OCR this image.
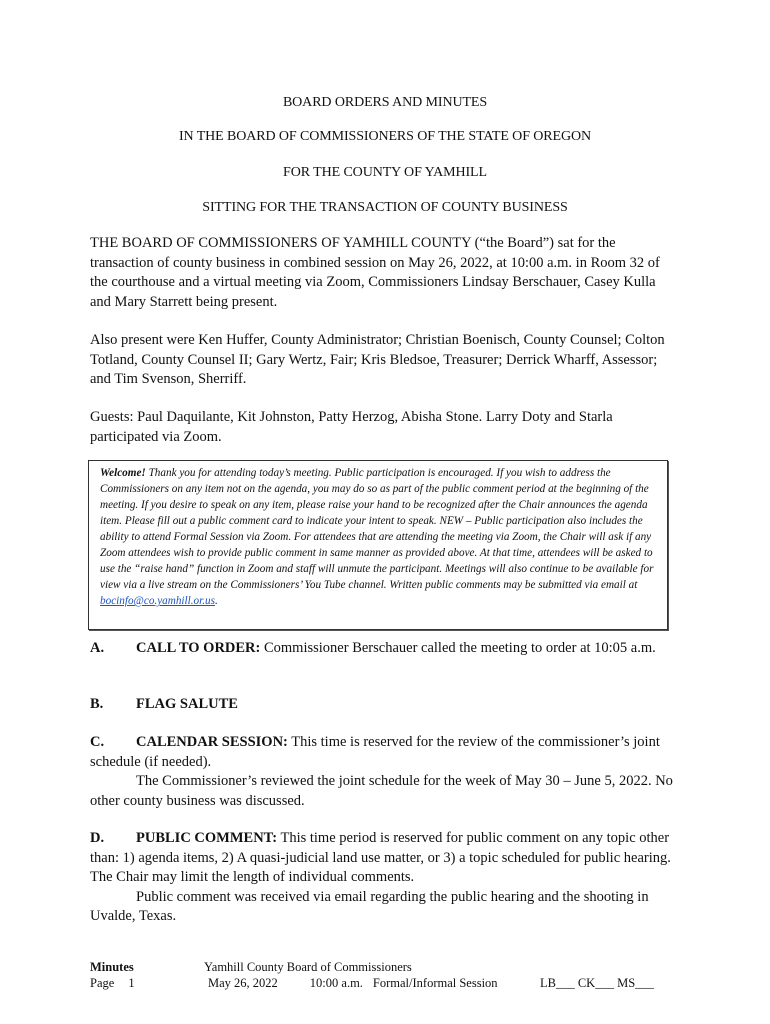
BOARD ORDERS AND MINUTES
IN THE BOARD OF COMMISSIONERS OF THE STATE OF OREGON
FOR THE COUNTY OF YAMHILL
SITTING FOR THE TRANSACTION OF COUNTY BUSINESS
THE BOARD OF COMMISSIONERS OF YAMHILL COUNTY (“the Board”) sat for the transaction of county business in combined session on May 26, 2022, at 10:00 a.m. in Room 32 of the courthouse and a virtual meeting via Zoom, Commissioners Lindsay Berschauer, Casey Kulla and Mary Starrett being present.
Also present were Ken Huffer, County Administrator; Christian Boenisch, County Counsel; Colton Totland, County Counsel II; Gary Wertz, Fair; Kris Bledsoe, Treasurer; Derrick Wharff, Assessor; and Tim Svenson, Sherriff.
Guests: Paul Daquilante, Kit Johnston, Patty Herzog, Abisha Stone. Larry Doty and Starla participated via Zoom.
Welcome! Thank you for attending today’s meeting. Public participation is encouraged. If you wish to address the Commissioners on any item not on the agenda, you may do so as part of the public comment period at the beginning of the meeting. If you desire to speak on any item, please raise your hand to be recognized after the Chair announces the agenda item. Please fill out a public comment card to indicate your intent to speak. NEW – Public participation also includes the ability to attend Formal Session via Zoom. For attendees that are attending the meeting via Zoom, the Chair will ask if any Zoom attendees wish to provide public comment in same manner as provided above. At that time, attendees will be asked to use the “raise hand” function in Zoom and staff will unmute the participant. Meetings will also continue to be available for view via a live stream on the Commissioners’ You Tube channel. Written public comments may be submitted via email at bocinfo@co.yamhill.or.us.
A. CALL TO ORDER: Commissioner Berschauer called the meeting to order at 10:05 a.m.
B. FLAG SALUTE
C. CALENDAR SESSION: This time is reserved for the review of the commissioner’s joint schedule (if needed).
The Commissioner’s reviewed the joint schedule for the week of May 30 – June 5, 2022. No other county business was discussed.
D. PUBLIC COMMENT: This time period is reserved for public comment on any topic other than: 1) agenda items, 2) A quasi-judicial land use matter, or 3) a topic scheduled for public hearing. The Chair may limit the length of individual comments.
Public comment was received via email regarding the public hearing and the shooting in Uvalde, Texas.
Minutes
Page 1
Yamhill County Board of Commissioners
May 26, 2022	10:00 a.m. Formal/Informal Session	LB___ CK___ MS___
